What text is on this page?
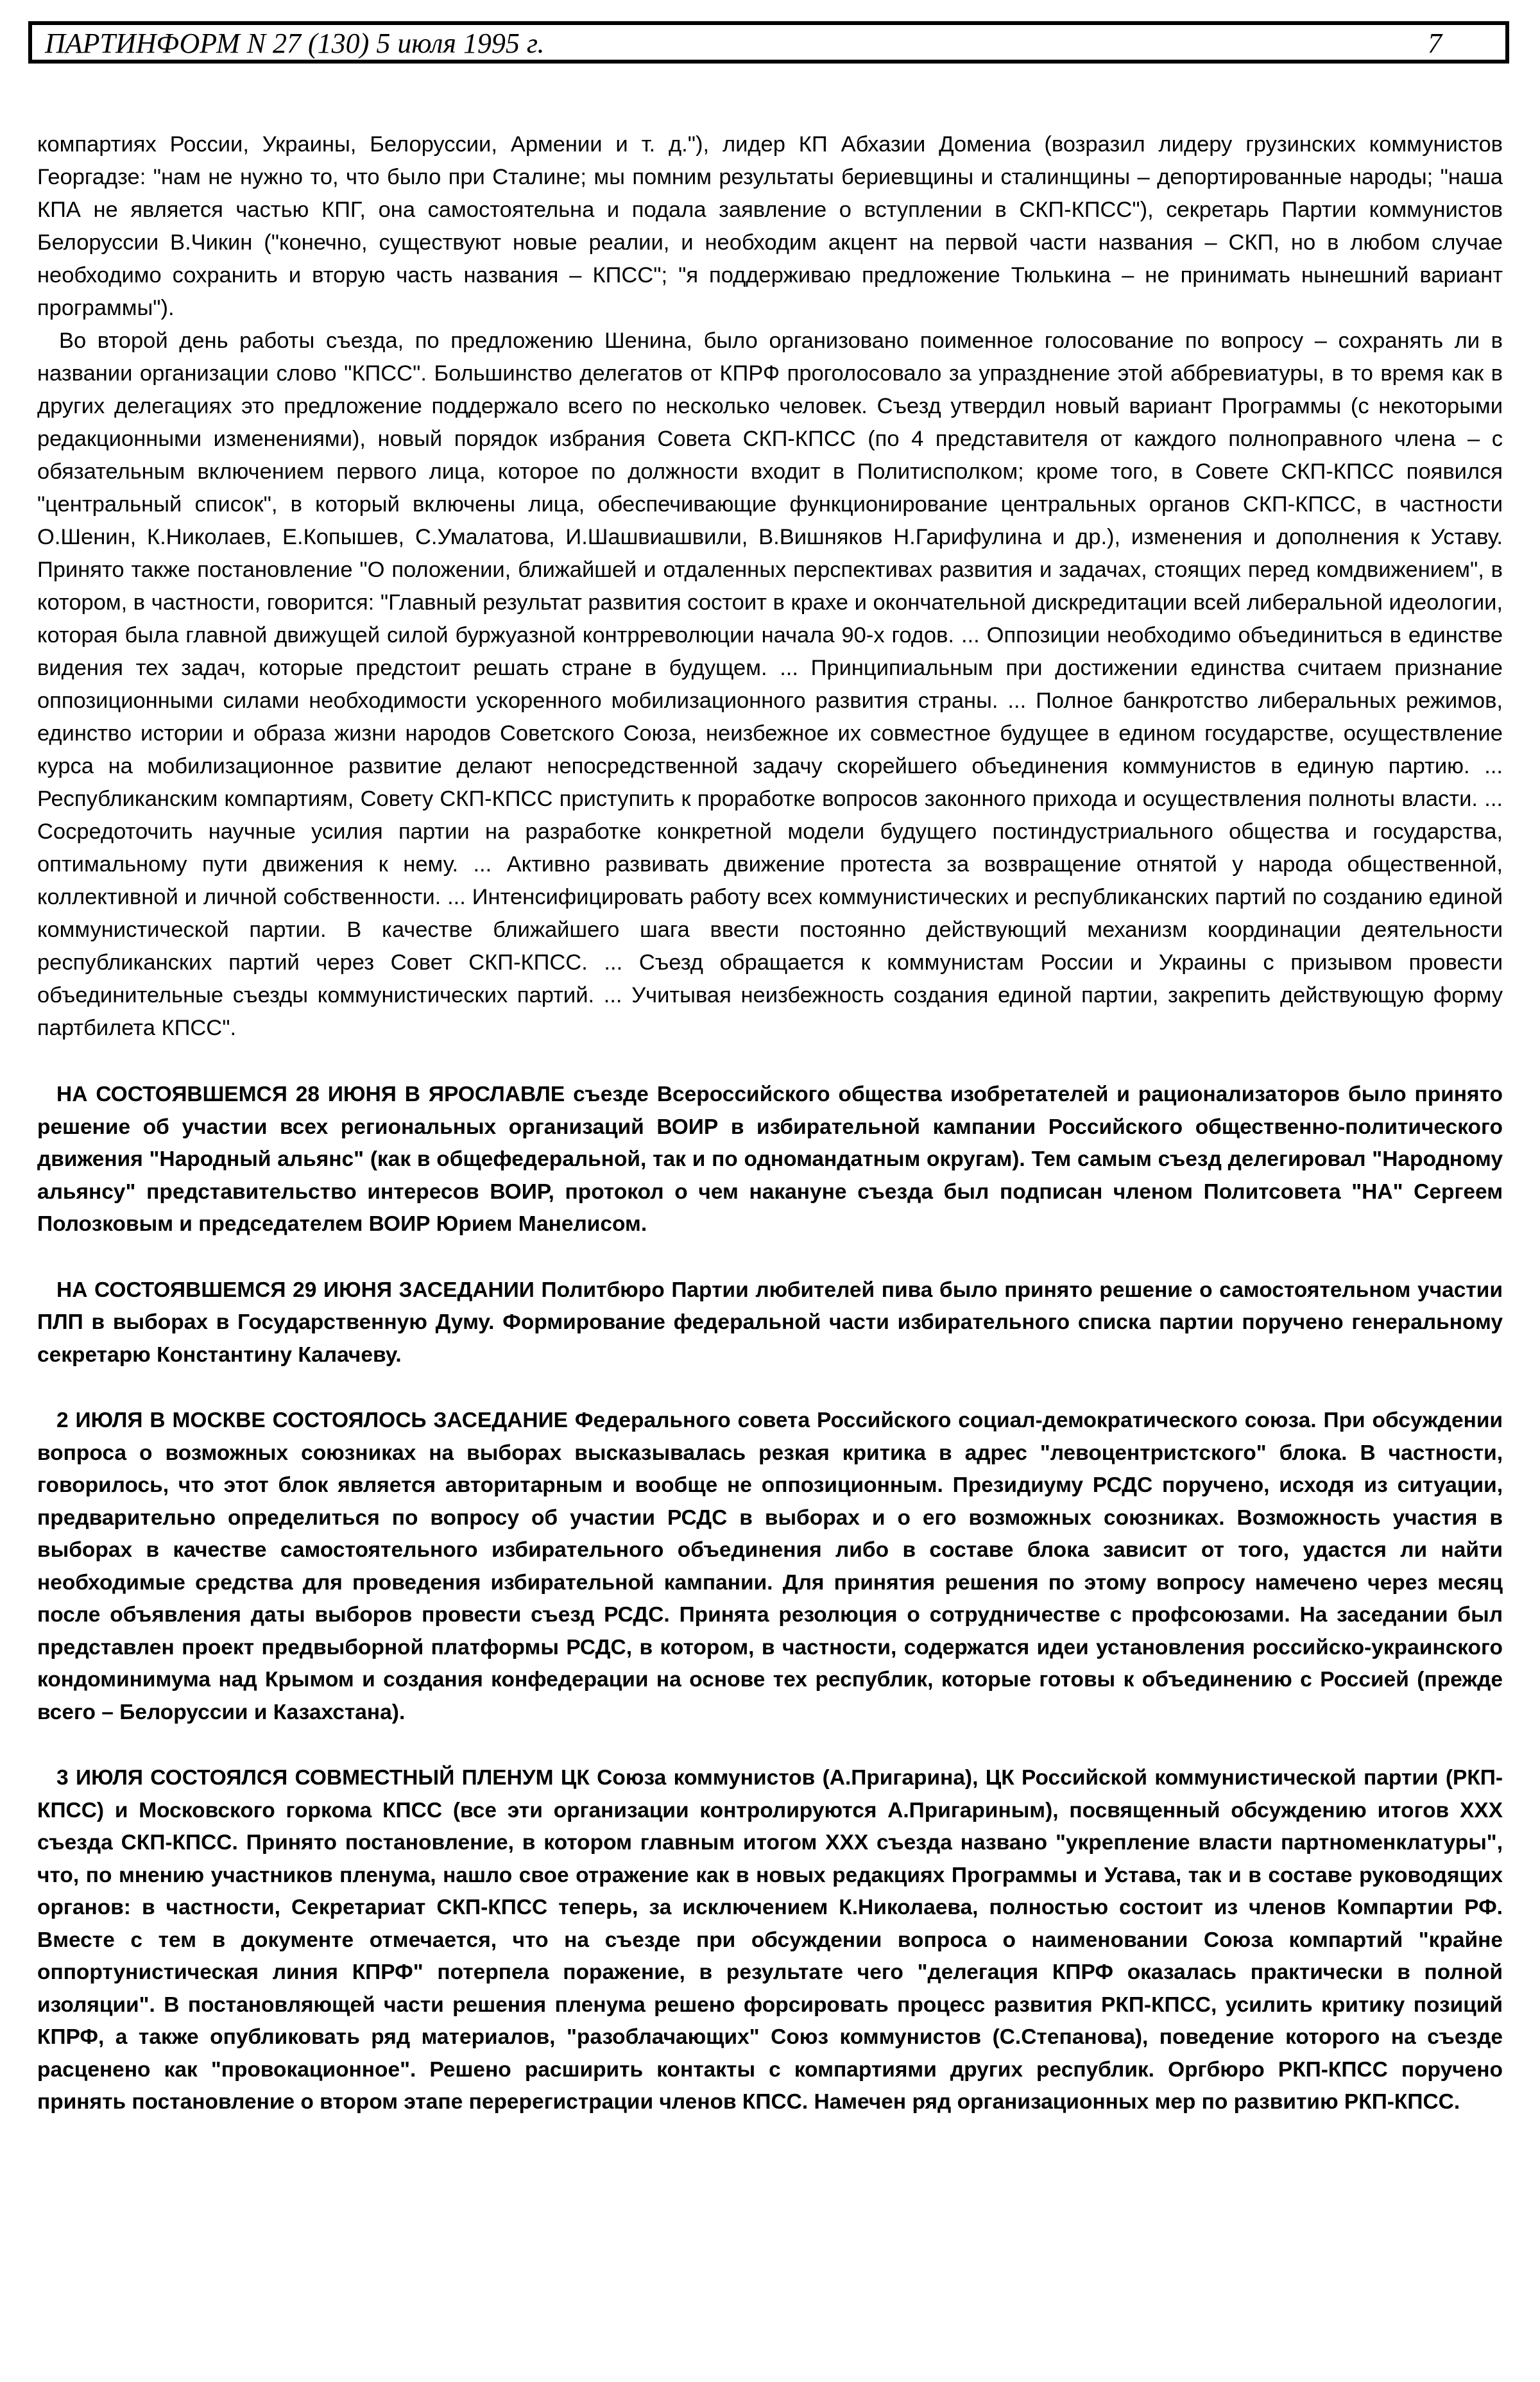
ПАРТИНФОРМ N 27 (130) 5 июля 1995 г.	7

компартиях России, Украины, Белоруссии, Армении и т. д."), лидер КП Абхазии Домениа (возразил лидеру грузинских коммунистов Георгадзе: "нам не нужно то, что было при Сталине; мы помним результаты бериевщины и сталинщины – депортированные народы; "наша КПА не является частью КПГ, она самостоятельна и подала заявление о вступлении в СКП-КПСС"), секретарь Партии коммунистов Белоруссии В.Чикин ("конечно, существуют новые реалии, и необходим акцент на первой части названия – СКП, но в любом случае необходимо сохранить и вторую часть названия – КПСС"; "я поддерживаю предложение Тюлькина – не принимать нынешний вариант программы").

Во второй день работы съезда, по предложению Шенина, было организовано поименное голосование по вопросу – сохранять ли в названии организации слово "КПСС". Большинство делегатов от КПРФ проголосовало за упразднение этой аббревиатуры, в то время как в других делегациях это предложение поддержало всего по несколько человек. Съезд утвердил новый вариант Программы (с некоторыми редакционными изменениями), новый порядок избрания Совета СКП-КПСС (по 4 представителя от каждого полноправного члена – с обязательным включением первого лица, которое по должности входит в Политисполком; кроме того, в Совете СКП-КПСС появился "центральный список", в который включены лица, обеспечивающие функционирование центральных органов СКП-КПСС, в частности О.Шенин, К.Николаев, Е.Копышев, С.Умалатова, И.Шашвиашвили, В.Вишняков Н.Гарифулина и др.), изменения и дополнения к Уставу. Принято также постановление "О положении, ближайшей и отдаленных перспективах развития и задачах, стоящих перед комдвижением", в котором, в частности, говорится: "Главный результат развития состоит в крахе и окончательной дискредитации всей либеральной идеологии, которая была главной движущей силой буржуазной контрреволюции начала 90-х годов. ... Оппозиции необходимо объединиться в единстве видения тех задач, которые предстоит решать стране в будущем. ... Принципиальным при достижении единства считаем признание оппозиционными силами необходимости ускоренного мобилизационного развития страны. ... Полное банкротство либеральных режимов, единство истории и образа жизни народов Советского Союза, неизбежное их совместное будущее в едином государстве, осуществление курса на мобилизационное развитие делают непосредственной задачу скорейшего объединения коммунистов в единую партию. ... Республиканским компартиям, Совету СКП-КПСС приступить к проработке вопросов законного прихода и осуществления полноты власти. ... Сосредоточить научные усилия партии на разработке конкретной модели будущего постиндустриального общества и государства, оптимальному пути движения к нему. ... Активно развивать движение протеста за возвращение отнятой у народа общественной, коллективной и личной собственности. ... Интенсифицировать работу всех коммунистических и республиканских партий по созданию единой коммунистической партии. В качестве ближайшего шага ввести постоянно действующий механизм координации деятельности республиканских партий через Совет СКП-КПСС. ... Съезд обращается к коммунистам России и Украины с призывом провести объединительные съезды коммунистических партий. ... Учитывая неизбежность создания единой партии, закрепить действующую форму партбилета КПСС".

НА СОСТОЯВШЕМСЯ 28 ИЮНЯ В ЯРОСЛАВЛЕ съезде Всероссийского общества изобретателей и рационализаторов было принято решение об участии всех региональных организаций ВОИР в избирательной кампании Российского общественно-политического движения "Народный альянс" (как в общефедеральной, так и по одномандатным округам). Тем самым съезд делегировал "Народному альянсу" представительство интересов ВОИР, протокол о чем накануне съезда был подписан членом Политсовета "НА" Сергеем Полозковым и председателем ВОИР Юрием Манелисом.

НА СОСТОЯВШЕМСЯ 29 ИЮНЯ ЗАСЕДАНИИ Политбюро Партии любителей пива было принято решение о самостоятельном участии ПЛП в выборах в Государственную Думу. Формирование федеральной части избирательного списка партии поручено генеральному секретарю Константину Калачеву.

2 ИЮЛЯ В МОСКВЕ СОСТОЯЛОСЬ ЗАСЕДАНИЕ Федерального совета Российского социал-демократического союза. При обсуждении вопроса о возможных союзниках на выборах высказывалась резкая критика в адрес "левоцентристского" блока. В частности, говорилось, что этот блок является авторитарным и вообще не оппозиционным. Президиуму РСДС поручено, исходя из ситуации, предварительно определиться по вопросу об участии РСДС в выборах и о его возможных союзниках. Возможность участия в выборах в качестве самостоятельного избирательного объединения либо в составе блока зависит от того, удастся ли найти необходимые средства для проведения избирательной кампании. Для принятия решения по этому вопросу намечено через месяц после объявления даты выборов провести съезд РСДС. Принята резолюция о сотрудничестве с профсоюзами. На заседании был представлен проект предвыборной платформы РСДС, в котором, в частности, содержатся идеи установления российско-украинского кондоминимума над Крымом и создания конфедерации на основе тех республик, которые готовы к объединению с Россией (прежде всего – Белоруссии и Казахстана).

3 ИЮЛЯ СОСТОЯЛСЯ СОВМЕСТНЫЙ ПЛЕНУМ ЦК Союза коммунистов (А.Пригарина), ЦК Российской коммунистической партии (РКП-КПСС) и Московского горкома КПСС (все эти организации контролируются А.Пригариным), посвященный обсуждению итогов XXX съезда СКП-КПСС. Принято постановление, в котором главным итогом XXX съезда названо "укрепление власти партноменклатуры", что, по мнению участников пленума, нашло свое отражение как в новых редакциях Программы и Устава, так и в составе руководящих органов: в частности, Секретариат СКП-КПСС теперь, за исключением К.Николаева, полностью состоит из членов Компартии РФ. Вместе с тем в документе отмечается, что на съезде при обсуждении вопроса о наименовании Союза компартий "крайне оппортунистическая линия КПРФ" потерпела поражение, в результате чего "делегация КПРФ оказалась практически в полной изоляции". В постановляющей части решения пленума решено форсировать процесс развития РКП-КПСС, усилить критику позиций КПРФ, а также опубликовать ряд материалов, "разоблачающих" Союз коммунистов (С.Степанова), поведение которого на съезде расценено как "провокационное". Решено расширить контакты с компартиями других республик. Оргбюро РКП-КПСС поручено принять постановление о втором этапе перерегистрации членов КПСС. Намечен ряд организационных мер по развитию РКП-КПСС.
